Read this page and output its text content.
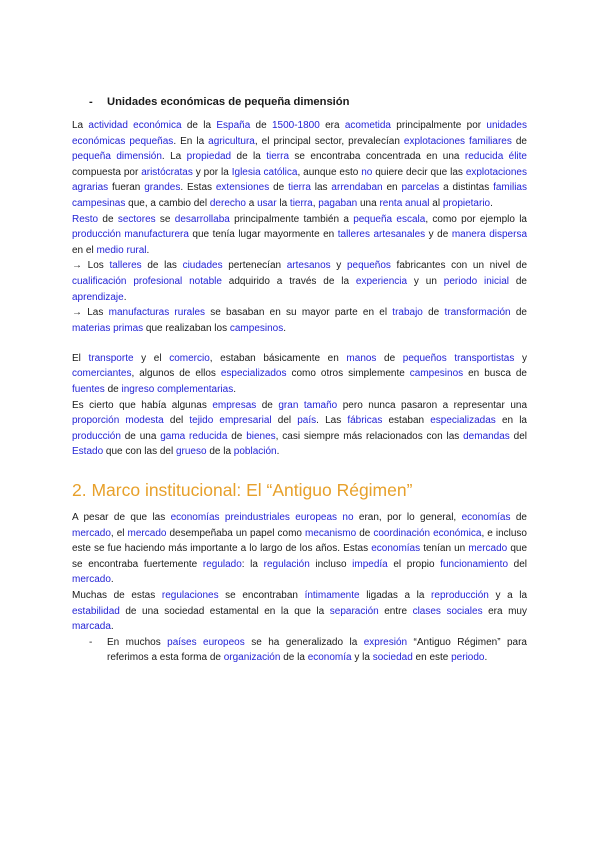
- Unidades económicas de pequeña dimensión

La actividad económica de la España de 1500-1800 era acometida principalmente por unidades económicas pequeñas. En la agricultura, el principal sector, prevalecían explotaciones familiares de pequeña dimensión. La propiedad de la tierra se encontraba concentrada en una reducida élite compuesta por aristócratas y por la Iglesia católica, aunque esto no quiere decir que las explotaciones agrarias fueran grandes. Estas extensiones de tierra las arrendaban en parcelas a distintas familias campesinas que, a cambio del derecho a usar la tierra, pagaban una renta anual al propietario.

Resto de sectores se desarrollaba principalmente también a pequeña escala, como por ejemplo la producción manufacturera que tenía lugar mayormente en talleres artesanales y de manera dispersa en el medio rural.

→ Los talleres de las ciudades pertenecían artesanos y pequeños fabricantes con un nivel de cualificación profesional notable adquirido a través de la experiencia y un periodo inicial de aprendizaje.

→ Las manufacturas rurales se basaban en su mayor parte en el trabajo de transformación de materias primas que realizaban los campesinos.

El transporte y el comercio, estaban básicamente en manos de pequeños transportistas y comerciantes, algunos de ellos especializados como otros simplemente campesinos en busca de fuentes de ingreso complementarias.

Es cierto que había algunas empresas de gran tamaño pero nunca pasaron a representar una proporción modesta del tejido empresarial del país. Las fábricas estaban especializadas en la producción de una gama reducida de bienes, casi siempre más relacionados con las demandas del Estado que con las del grueso de la población.

2. Marco institucional: El “Antiguo Régimen”

A pesar de que las economías preindustriales europeas no eran, por lo general, economías de mercado, el mercado desempeñaba un papel como mecanismo de coordinación económica, e incluso este se fue haciendo más importante a lo largo de los años. Estas economías tenían un mercado que se encontraba fuertemente regulado: la regulación incluso impedía el propio funcionamiento del mercado.

Muchas de estas regulaciones se encontraban íntimamente ligadas a la reproducción y a la estabilidad de una sociedad estamental en la que la separación entre clases sociales era muy marcada.

-	En muchos países europeos se ha generalizado la expresión “Antiguo Régimen” para referimos a esta forma de organización de la economía y la sociedad en este periodo.
